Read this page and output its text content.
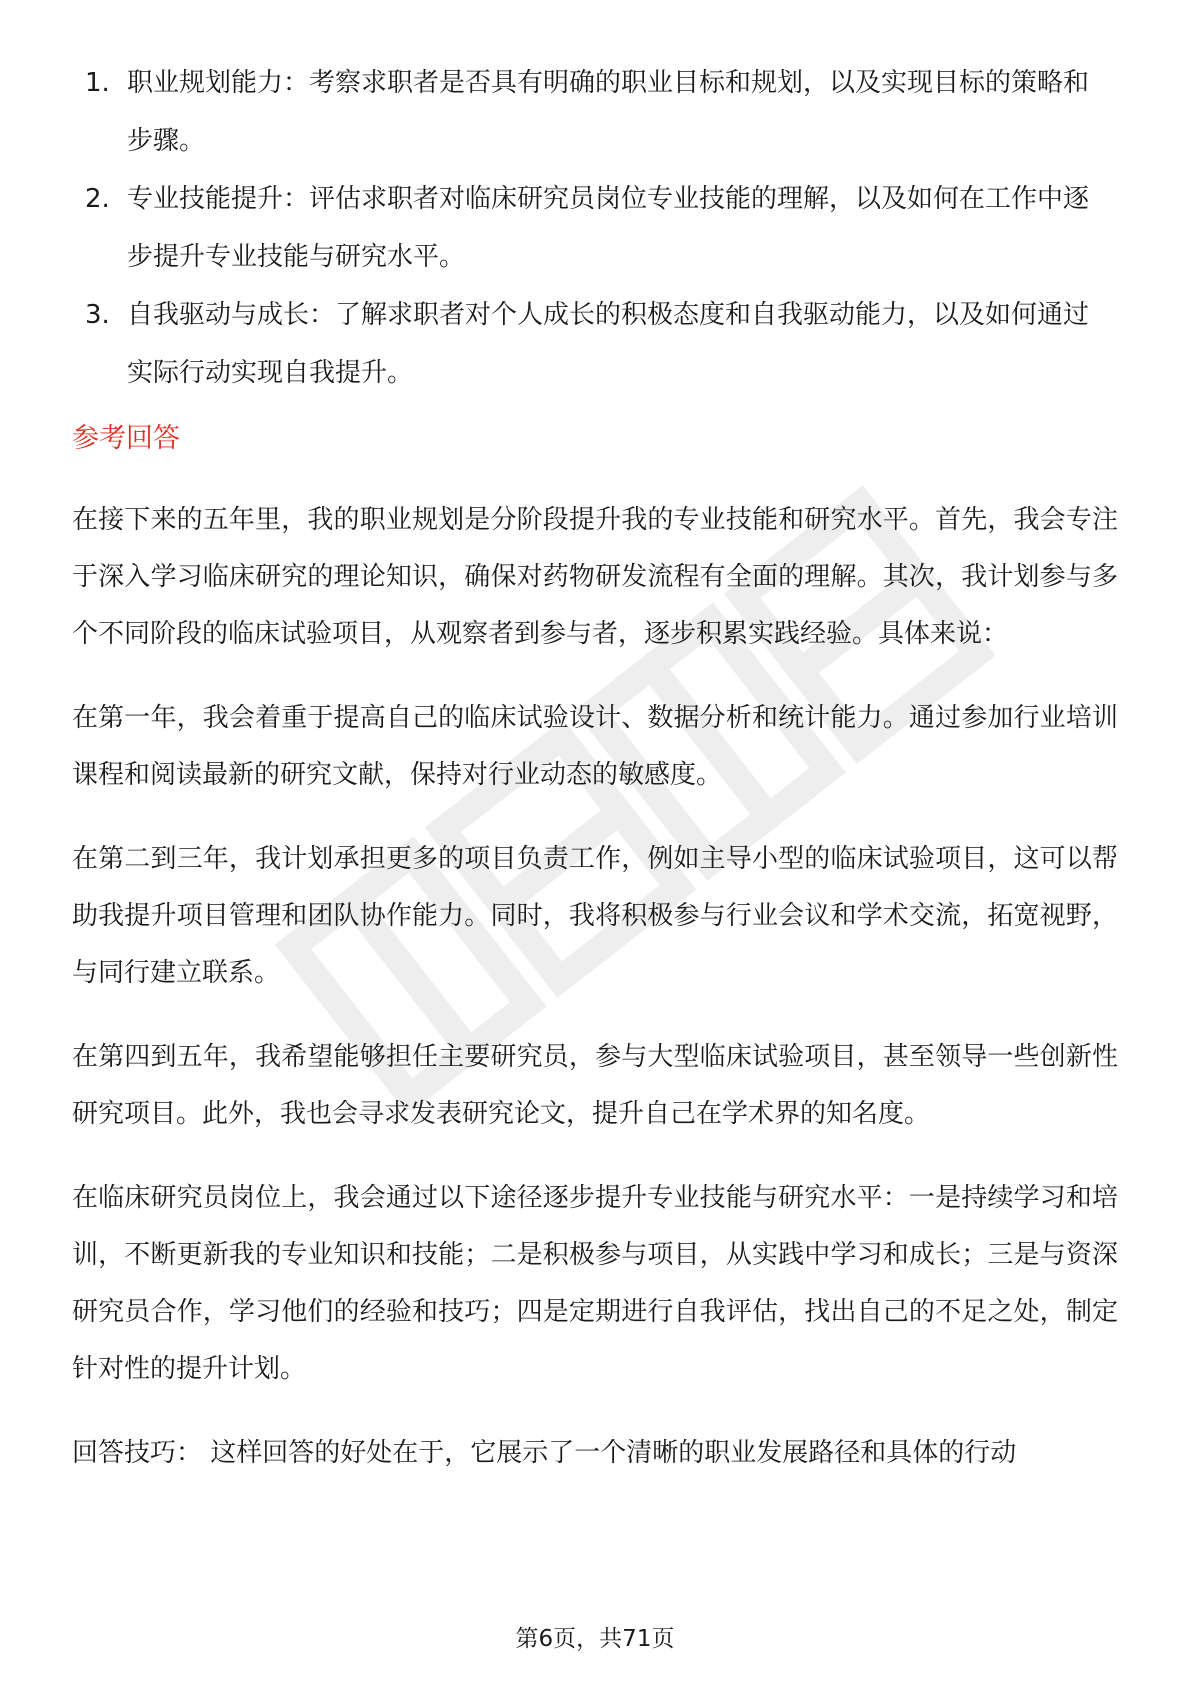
1. 职业规划能力：考察求职者是否具有明确的职业目标和规划，以及实现目标的策略和步骤。
2. 专业技能提升：评估求职者对临床研究员岗位专业技能的理解，以及如何在工作中逐步提升专业技能与研究水平。
3. 自我驱动与成长：了解求职者对个人成长的积极态度和自我驱动能力，以及如何通过实际行动实现自我提升。
参考回答

在接下来的五年里，我的职业规划是分阶段提升我的专业技能和研究水平。首先，我会专注于深入学习临床研究的理论知识，确保对药物研发流程有全面的理解。其次，我计划参与多个不同阶段的临床试验项目，从观察者到参与者，逐步积累实践经验。具体来说：

在第一年，我会着重于提高自己的临床试验设计、数据分析和统计能力。通过参加行业培训课程和阅读最新的研究文献，保持对行业动态的敏感度。

在第二到三年，我计划承担更多的项目负责工作，例如主导小型的临床试验项目，这可以帮助我提升项目管理和团队协作能力。同时，我将积极参与行业会议和学术交流，拓宽视野，与同行建立联系。

在第四到五年，我希望能够担任主要研究员，参与大型临床试验项目，甚至领导一些创新性研究项目。此外，我也会寻求发表研究论文，提升自己在学术界的知名度。

在临床研究员岗位上，我会通过以下途径逐步提升专业技能与研究水平：一是持续学习和培训，不断更新我的专业知识和技能；二是积极参与项目，从实践中学习和成长；三是与资深研究员合作，学习他们的经验和技巧；四是定期进行自我评估，找出自己的不足之处，制定针对性的提升计划。

回答技巧： 这样回答的好处在于，它展示了一个清晰的职业发展路径和具体的行动

第6页，共71页
